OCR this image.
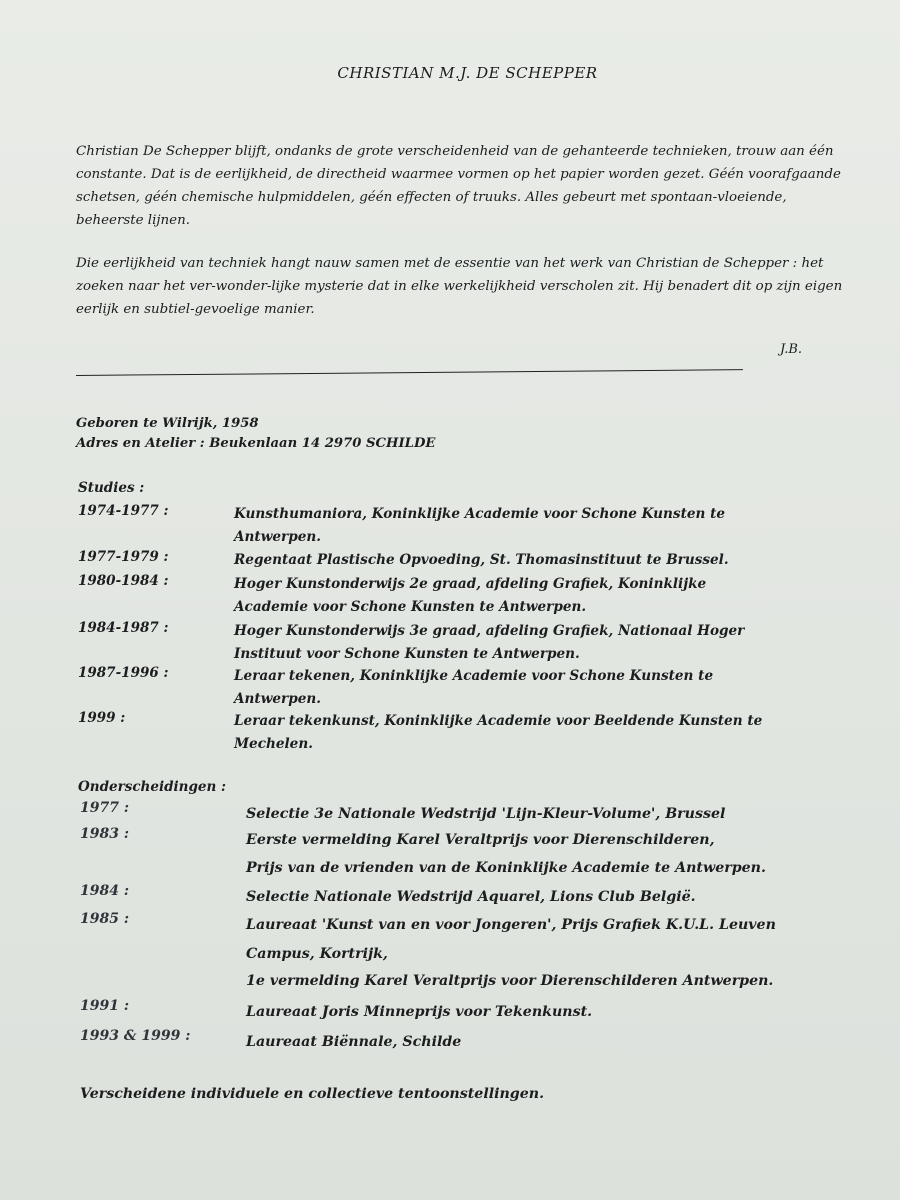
CHRISTIAN M.J. DE SCHEPPER
Christian De Schepper blijft, ondanks de grote verscheidenheid van de gehanteerde technieken, trouw aan één constante. Dat is de eerlijkheid, de directheid waarmee vormen op het papier worden gezet. Géén voorafgaande schetsen, géén chemische hulpmiddelen, géén effecten of truuks. Alles gebeurt met spontaan-vloeiende, beheerste lijnen.
Die eerlijkheid van techniek hangt nauw samen met de essentie van het werk van Christian de Schepper : het zoeken naar het ver-wonder-lijke mysterie dat in elke werkelijkheid verscholen zit. Hij benadert dit op zijn eigen eerlijk en subtiel-gevoelige manier.
J.B.
Geboren te Wilrijk, 1958
Adres en Atelier : Beukenlaan 14 2970 SCHILDE
Studies :
1974-1977 :	Kunsthumaniora, Koninklijke Academie voor Schone Kunsten te Antwerpen.
1977-1979 :	Regentaat Plastische Opvoeding, St. Thomasinstituut te Brussel.
1980-1984 :	Hoger Kunstonderwijs 2e graad, afdeling Grafiek, Koninklijke Academie voor Schone Kunsten te Antwerpen.
1984-1987 :	Hoger Kunstonderwijs 3e graad, afdeling Grafiek, Nationaal Hoger Instituut voor Schone Kunsten te Antwerpen.
1987-1996 :	Leraar tekenen, Koninklijke Academie voor Schone Kunsten te Antwerpen.
1999 :	Leraar tekenkunst, Koninklijke Academie voor Beeldende Kunsten te Mechelen.
Onderscheidingen :
1977 :	Selectie 3e Nationale Wedstrijd 'Lijn-Kleur-Volume', Brussel
1983 :	Eerste vermelding Karel Veraltprijs voor Dierenschilderen,
Prijs van de vrienden van de Koninklijke Academie te Antwerpen.
1984 :	Selectie Nationale Wedstrijd Aquarel, Lions Club België.
1985 :	Laureaat 'Kunst van en voor Jongeren', Prijs Grafiek K.U.L. Leuven Campus, Kortrijk,
1e vermelding Karel Veraltprijs voor Dierenschilderen Antwerpen.
1991 :	Laureaat Joris Minneprijs voor Tekenkunst.
1993 & 1999 :	Laureaat Biënnale, Schilde
Verscheidene individuele en collectieve tentoonstellingen.
